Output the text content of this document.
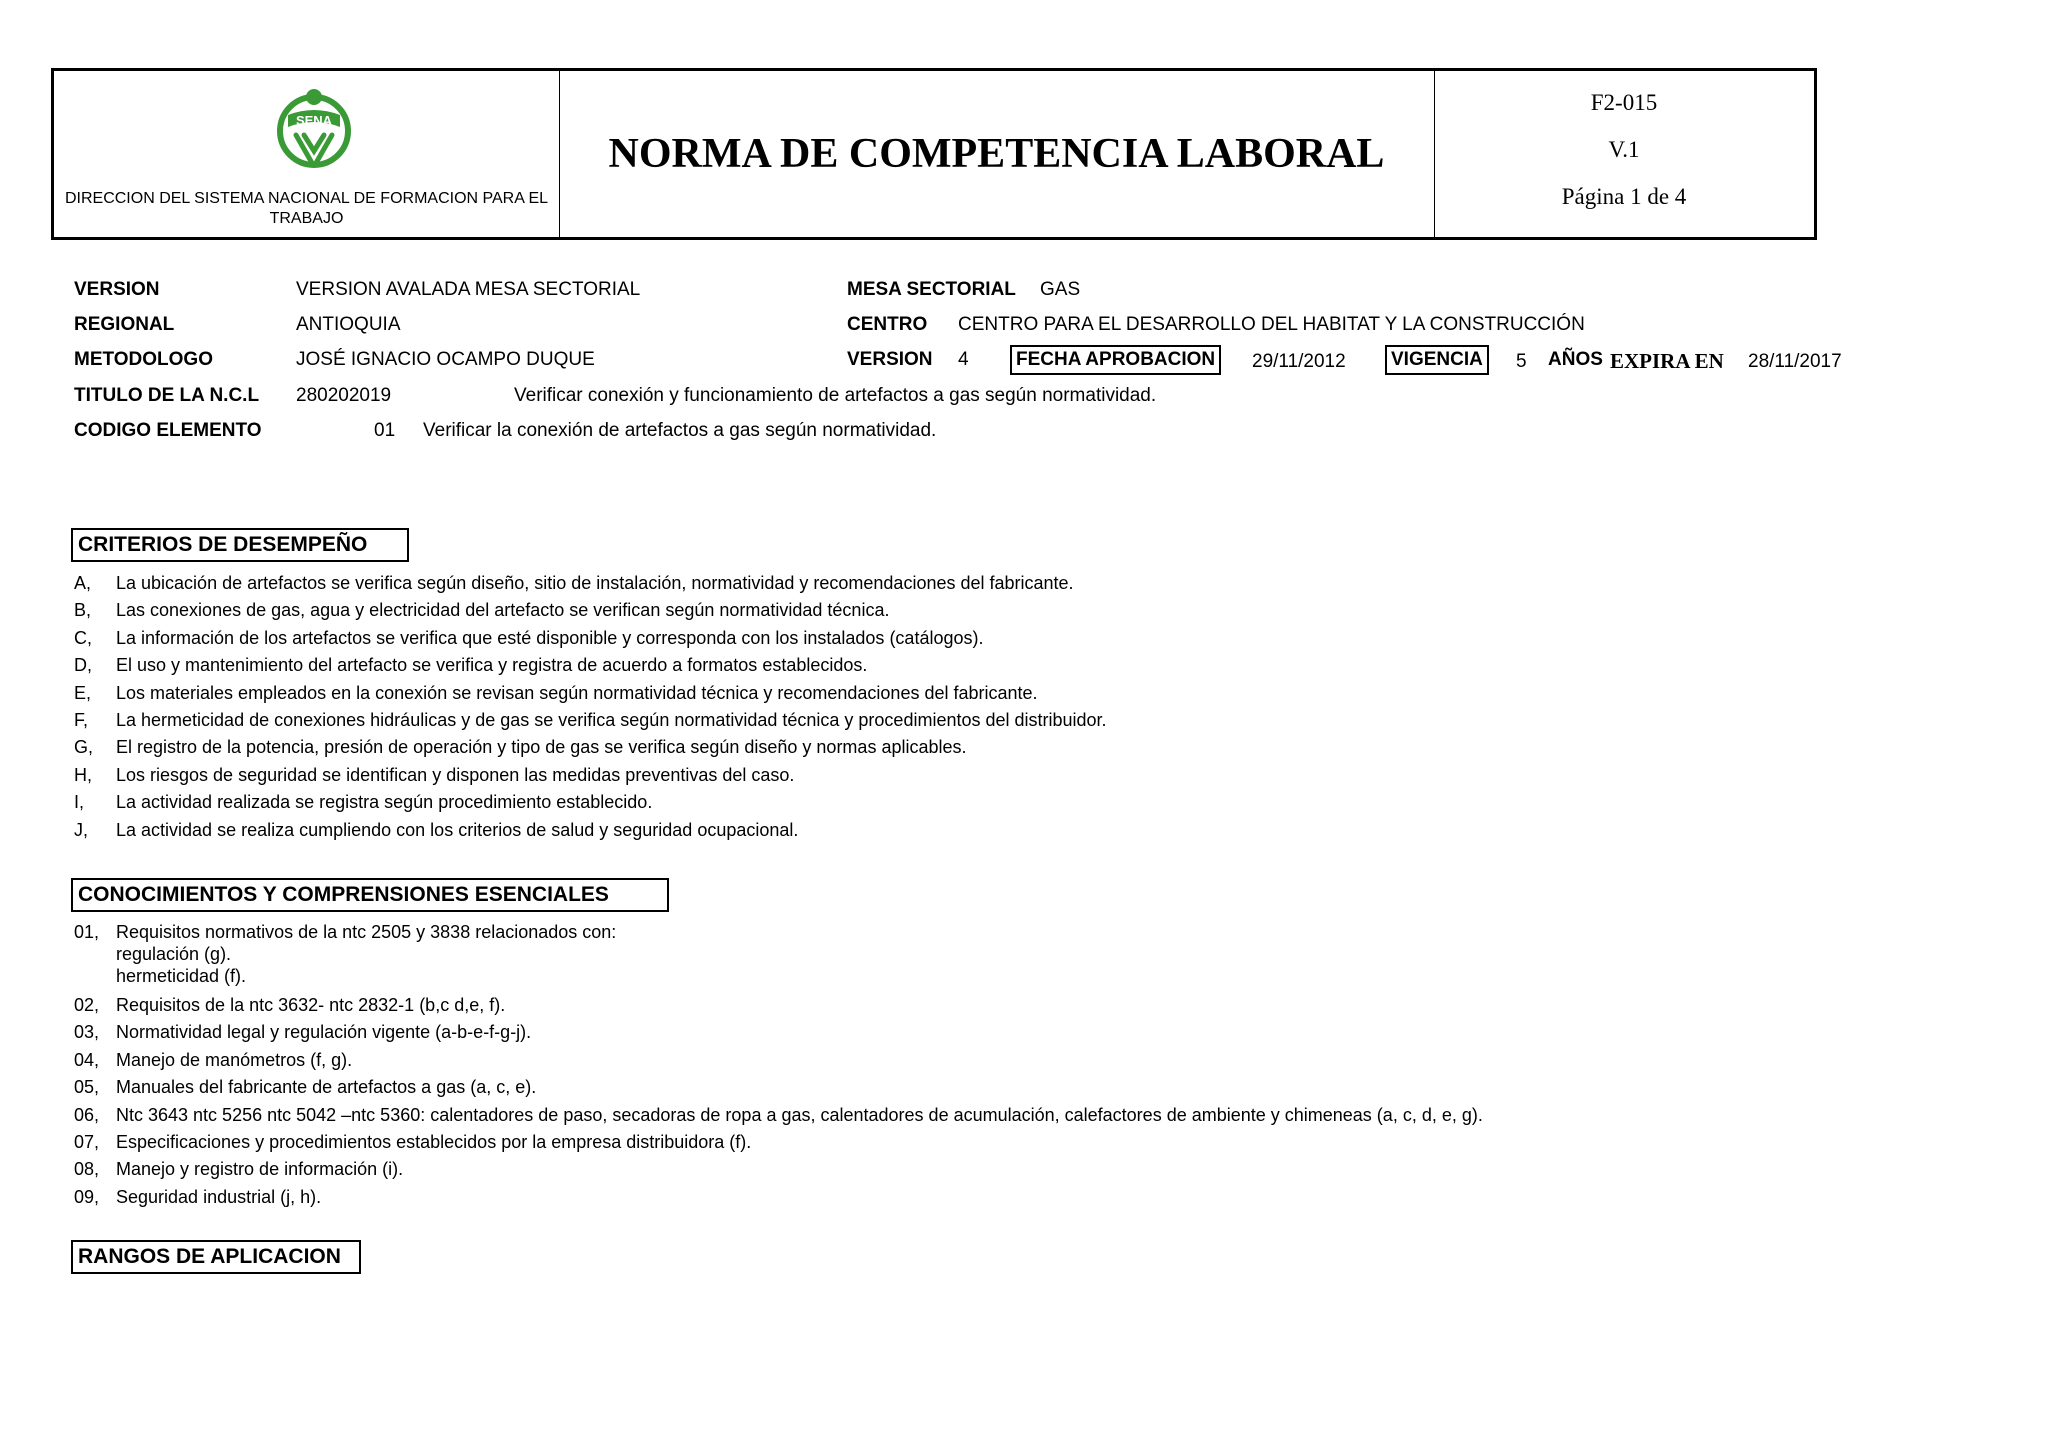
SENA
DIRECCION DEL SISTEMA NACIONAL DE FORMACION PARA EL TRABAJO
NORMA DE COMPETENCIA LABORAL
F2-015
V.1
Página 1 de 4
VERSION	VERSION AVALADA MESA SECTORIAL	MESA SECTORIAL GAS
REGIONAL	ANTIOQUIA	CENTRO CENTRO PARA EL DESARROLLO DEL HABITAT Y LA CONSTRUCCIÓN
METODOLOGO	JOSÉ IGNACIO OCAMPO DUQUE	VERSION 4	FECHA APROBACION	29/11/2012	VIGENCIA	5 AÑOS EXPIRA EN 28/11/2017
TITULO DE LA N.C.L 280202019	Verificar conexión y funcionamiento de artefactos a gas según normatividad.
CODIGO ELEMENTO	01 Verificar la conexión de artefactos a gas según normatividad.
CRITERIOS DE DESEMPEÑO
A,	La ubicación de artefactos se verifica según diseño, sitio de instalación, normatividad y recomendaciones del fabricante.
B,	Las conexiones de gas, agua y electricidad del artefacto se verifican según normatividad técnica.
C,	La información de los artefactos se verifica que esté disponible y corresponda con los instalados (catálogos).
D,	El uso y mantenimiento del artefacto se verifica y registra de acuerdo a formatos establecidos.
E,	Los materiales empleados en la conexión se revisan según normatividad técnica y recomendaciones del fabricante.
F,	La hermeticidad de conexiones hidráulicas y de gas se verifica según normatividad técnica y procedimientos del distribuidor.
G,	El registro de la potencia, presión de operación y tipo de gas se verifica según diseño y normas aplicables.
H,	Los riesgos de seguridad se identifican y disponen las medidas preventivas del caso.
I,	La actividad realizada se registra según procedimiento establecido.
J,	La actividad se realiza cumpliendo con los criterios de salud y seguridad ocupacional.
CONOCIMIENTOS Y COMPRENSIONES ESENCIALES
01, Requisitos normativos de la ntc 2505 y 3838 relacionados con:
regulación (g).
hermeticidad (f).
02, Requisitos de la ntc 3632- ntc 2832-1 (b,c d,e, f).
03, Normatividad legal y regulación vigente (a-b-e-f-g-j).
04, Manejo de manómetros (f, g).
05, Manuales del fabricante de artefactos a gas (a, c, e).
06, Ntc 3643 ntc 5256 ntc 5042 –ntc 5360: calentadores de paso, secadoras de ropa a gas, calentadores de acumulación, calefactores de ambiente y chimeneas (a, c, d, e, g).
07, Especificaciones y procedimientos establecidos por la empresa distribuidora (f).
08, Manejo y registro de información (i).
09, Seguridad industrial (j, h).
RANGOS DE APLICACION
